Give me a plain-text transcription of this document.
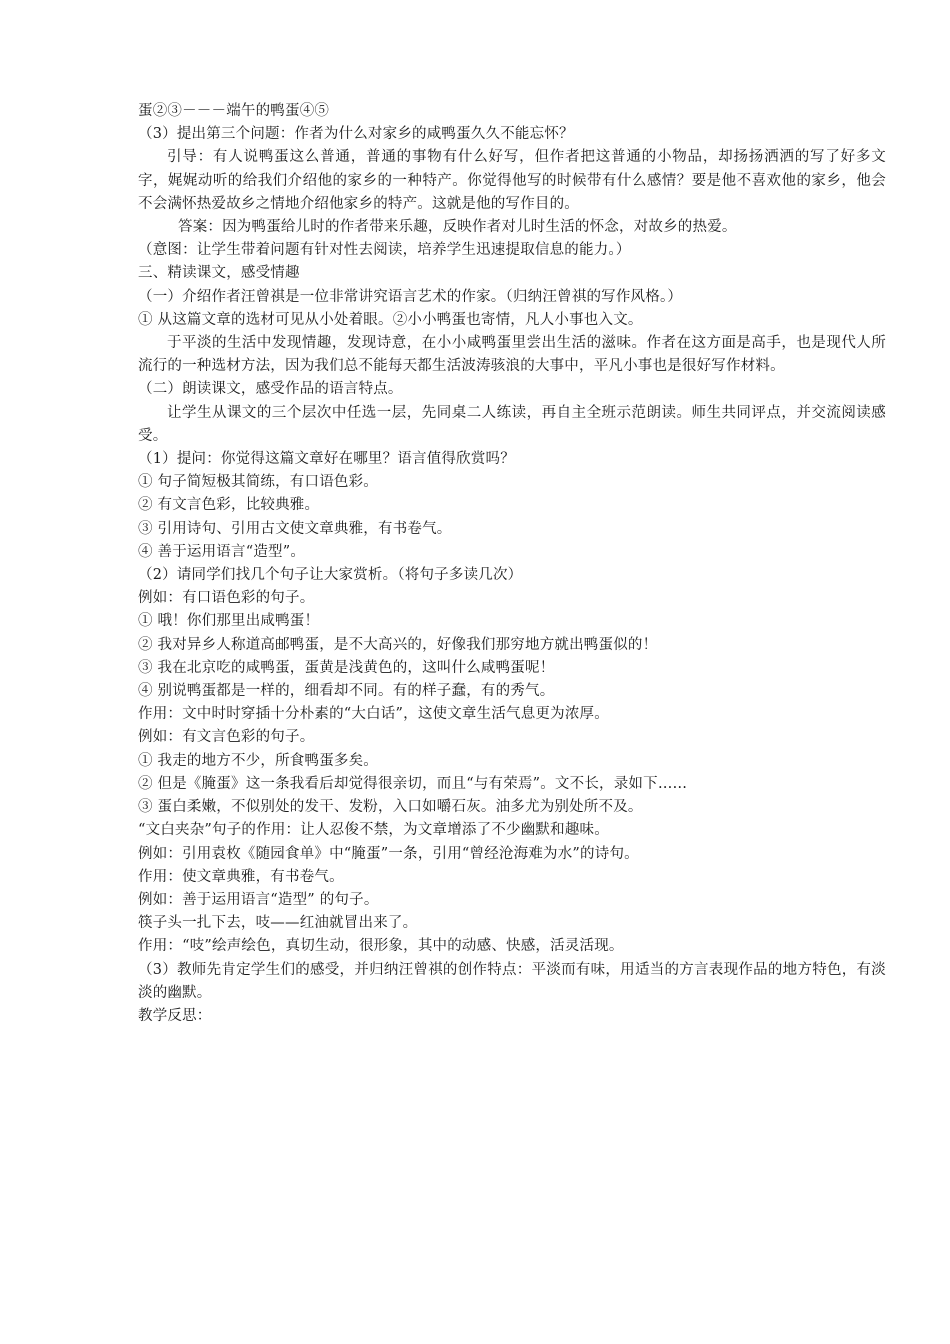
蛋②③－－－端午的鸭蛋④⑤

（3）提出第三个问题：作者为什么对家乡的咸鸭蛋久久不能忘怀？

引导：有人说鸭蛋这么普通，普通的事物有什么好写，但作者把这普通的小物品，却扬扬洒洒的写了好多文字，娓娓动听的给我们介绍他的家乡的一种特产。你觉得他写的时候带有什么感情？要是他不喜欢他的家乡，他会不会满怀热爱故乡之情地介绍他家乡的特产。这就是他的写作目的。

答案：因为鸭蛋给儿时的作者带来乐趣，反映作者对儿时生活的怀念，对故乡的热爱。

（意图：让学生带着问题有针对性去阅读，培养学生迅速提取信息的能力。）

三、精读课文，感受情趣

（一）介绍作者汪曾祺是一位非常讲究语言艺术的作家。（归纳汪曾祺的写作风格。）

① 从这篇文章的选材可见从小处着眼。②小小鸭蛋也寄情，凡人小事也入文。

于平淡的生活中发现情趣，发现诗意，在小小咸鸭蛋里尝出生活的滋味。作者在这方面是高手，也是现代人所流行的一种选材方法，因为我们总不能每天都生活波涛骇浪的大事中，平凡小事也是很好写作材料。

（二）朗读课文，感受作品的语言特点。

让学生从课文的三个层次中任选一层，先同桌二人练读，再自主全班示范朗读。师生共同评点，并交流阅读感受。

（1）提问：你觉得这篇文章好在哪里？语言值得欣赏吗？

① 句子简短极其简练，有口语色彩。

② 有文言色彩，比较典雅。

③ 引用诗句、引用古文使文章典雅，有书卷气。

④ 善于运用语言“造型”。

（2）请同学们找几个句子让大家赏析。（将句子多读几次）

例如：有口语色彩的句子。

① 哦！你们那里出咸鸭蛋！

② 我对异乡人称道高邮鸭蛋，是不大高兴的，好像我们那穷地方就出鸭蛋似的！

③ 我在北京吃的咸鸭蛋，蛋黄是浅黄色的，这叫什么咸鸭蛋呢！

④ 别说鸭蛋都是一样的，细看却不同。有的样子蠢，有的秀气。

作用：文中时时穿插十分朴素的“大白话”，这使文章生活气息更为浓厚。

例如：有文言色彩的句子。

① 我走的地方不少，所食鸭蛋多矣。

② 但是《腌蛋》这一条我看后却觉得很亲切，而且“与有荣焉”。文不长，录如下……

③ 蛋白柔嫩，不似别处的发干、发粉，入口如嚼石灰。油多尤为别处所不及。

“文白夹杂”句子的作用：让人忍俊不禁，为文章增添了不少幽默和趣味。

例如：引用袁枚《随园食单》中“腌蛋”一条，引用“曾经沧海难为水”的诗句。

作用：使文章典雅，有书卷气。

例如：善于运用语言“造型” 的句子。

筷子头一扎下去，吱——红油就冒出来了。

作用：“吱”绘声绘色，真切生动，很形象，其中的动感、快感，活灵活现。

（3）教师先肯定学生们的感受，并归纳汪曾祺的创作特点：平淡而有味，用适当的方言表现作品的地方特色，有淡淡的幽默。

教学反思：
